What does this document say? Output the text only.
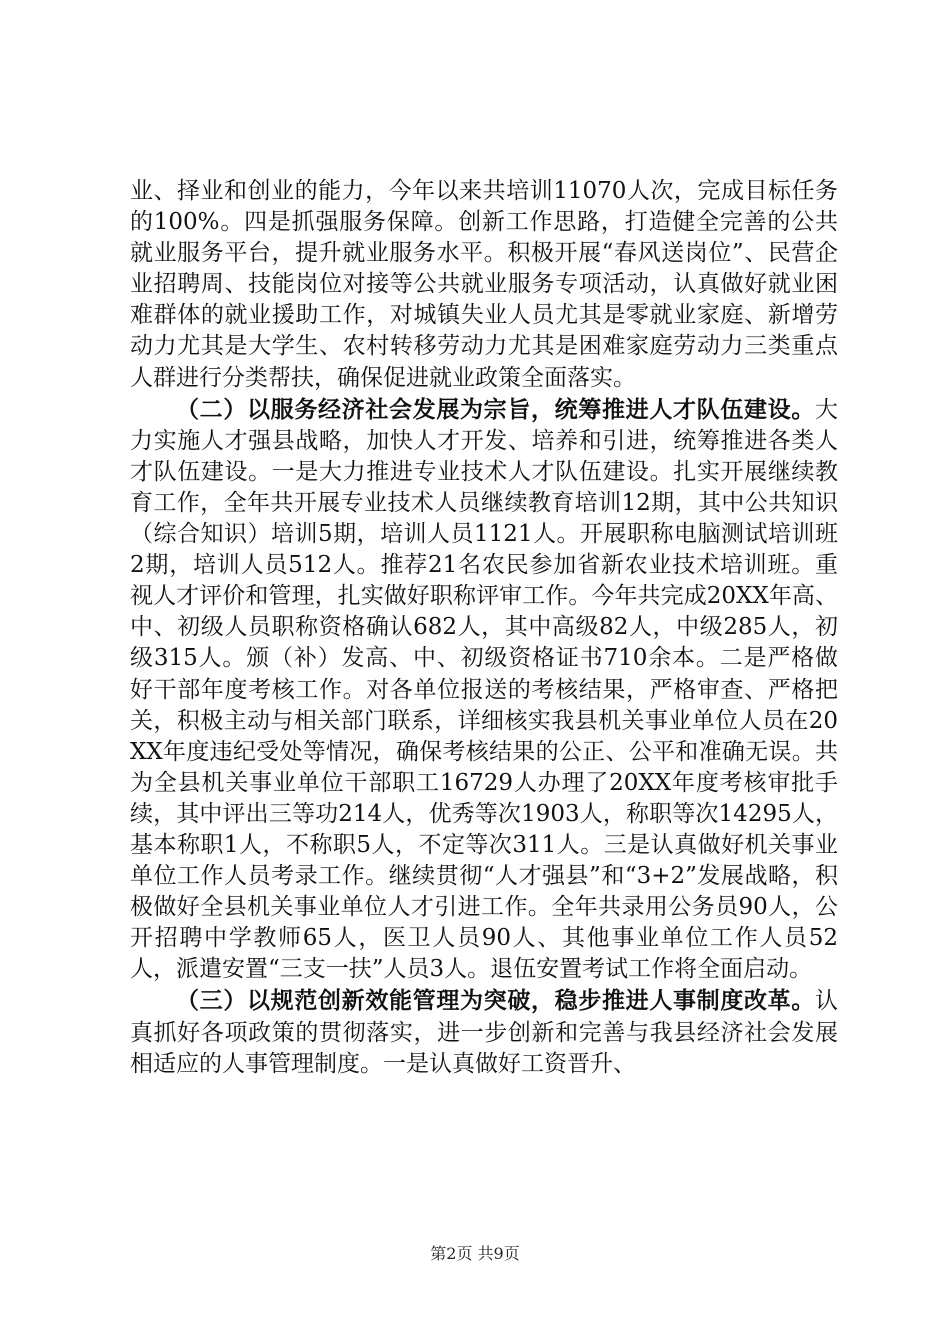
业、择业和创业的能力，今年以来共培训11070人次，完成目标任务的100%。四是抓强服务保障。创新工作思路，打造健全完善的公共就业服务平台，提升就业服务水平。积极开展“春风送岗位”、民营企业招聘周、技能岗位对接等公共就业服务专项活动，认真做好就业困难群体的就业援助工作，对城镇失业人员尤其是零就业家庭、新增劳动力尤其是大学生、农村转移劳动力尤其是困难家庭劳动力三类重点人群进行分类帮扶，确保促进就业政策全面落实。

（二）以服务经济社会发展为宗旨，统筹推进人才队伍建设。大力实施人才强县战略，加快人才开发、培养和引进，统筹推进各类人才队伍建设。一是大力推进专业技术人才队伍建设。扎实开展继续教育工作，全年共开展专业技术人员继续教育培训12期，其中公共知识（综合知识）培训5期，培训人员1121人。开展职称电脑测试培训班2期，培训人员512人。推荐21名农民参加省新农业技术培训班。重视人才评价和管理，扎实做好职称评审工作。今年共完成20XX年高、中、初级人员职称资格确认682人，其中高级82人，中级285人，初级315人。颁（补）发高、中、初级资格证书710余本。二是严格做好干部年度考核工作。对各单位报送的考核结果，严格审查、严格把关，积极主动与相关部门联系，详细核实我县机关事业单位人员在20XX年度违纪受处等情况，确保考核结果的公正、公平和准确无误。共为全县机关事业单位干部职工16729人办理了20XX年度考核审批手续，其中评出三等功214人，优秀等次1903人，称职等次14295人，基本称职1人，不称职5人，不定等次311人。三是认真做好机关事业单位工作人员考录工作。继续贯彻“人才强县”和“3+2”发展战略，积极做好全县机关事业单位人才引进工作。全年共录用公务员90人，公开招聘中学教师65人，医卫人员90人、其他事业单位工作人员52人，派遣安置“三支一扶”人员3人。退伍安置考试工作将全面启动。

（三）以规范创新效能管理为突破，稳步推进人事制度改革。认真抓好各项政策的贯彻落实，进一步创新和完善与我县经济社会发展相适应的人事管理制度。一是认真做好工资晋升、

第2页 共9页
